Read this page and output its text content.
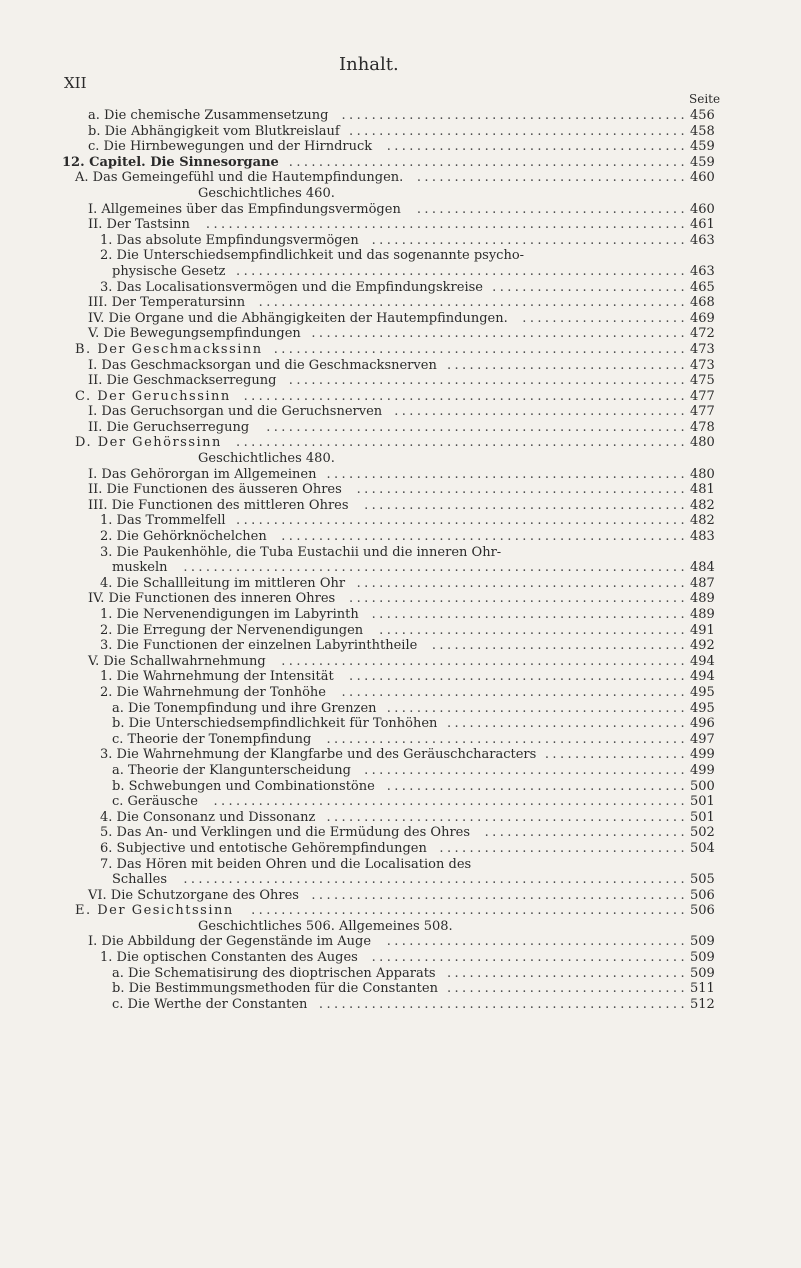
XII
Inhalt.
Seite
a. Die chemische Zusammensetzung .............................................. 456
b. Die Abhängigkeit vom Blutkreislauf ............................................. 458
c. Die Hirnbewegungen und der Hirndruck ........................................ 459
12. Capitel. Die Sinnesorgane ..................................................... 459
A. Das Gemeingefühl und die Hautempfindungen. .................................... 460
Geschichtliches 460.
I. Allgemeines über das Empfindungsvermögen .................................... 460
II. Der Tastsinn ................................................................ 461
1. Das absolute Empfindungsvermögen .......................................... 463
2. Die Unterschiedsempfindlichkeit und das sogenannte psycho-
physische Gesetz ............................................................ 463
3. Das Localisationsvermögen und die Empfindungskreise .......................... 465
III. Der Temperatursinn ......................................................... 468
IV. Die Organe und die Abhängigkeiten der Hautempfindungen. ...................... 469
V. Die Bewegungsempfindungen .................................................. 472
B. Der Geschmackssinn ....................................................... 473
I. Das Geschmacksorgan und die Geschmacksnerven ................................ 473
II. Die Geschmackserregung ..................................................... 475
C. Der Geruchssinn ........................................................... 477
I. Das Geruchsorgan und die Geruchsnerven ....................................... 477
II. Die Geruchserregung ........................................................ 478
D. Der Gehörssinn ............................................................ 480
Geschichtliches 480.
I. Das Gehörorgan im Allgemeinen ................................................ 480
II. Die Functionen des äusseren Ohres ............................................ 481
III. Die Functionen des mittleren Ohres ........................................... 482
1. Das Trommelfell ............................................................ 482
2. Die Gehörknöchelchen ...................................................... 483
3. Die Paukenhöhle, die Tuba Eustachii und die inneren Ohr-
muskeln ................................................................... 484
4. Die Schallleitung im mittleren Ohr ............................................ 487
IV. Die Functionen des inneren Ohres ............................................. 489
1. Die Nervenendigungen im Labyrinth .......................................... 489
2. Die Erregung der Nervenendigungen ......................................... 491
3. Die Functionen der einzelnen Labyrinththeile .................................. 492
V. Die Schallwahrnehmung ...................................................... 494
1. Die Wahrnehmung der Intensität ............................................. 494
2. Die Wahrnehmung der Tonhöhe .............................................. 495
a. Die Tonempfindung und ihre Grenzen ........................................ 495
b. Die Unterschiedsempfindlichkeit für Tonhöhen ................................ 496
c. Theorie der Tonempfindung ................................................ 497
3. Die Wahrnehmung der Klangfarbe und des Geräuschcharacters ................... 499
a. Theorie der Klangunterscheidung ........................................... 499
b. Schwebungen und Combinationstöne ........................................ 500
c. Geräusche ............................................................... 501
4. Die Consonanz und Dissonanz ................................................ 501
5. Das An- und Verklingen und die Ermüdung des Ohres ........................... 502
6. Subjective und entotische Gehörempfindungen ................................. 504
7. Das Hören mit beiden Ohren und die Localisation des
Schalles ................................................................... 505
VI. Die Schutzorgane des Ohres .................................................. 506
E. Der Gesichtssinn .......................................................... 506
Geschichtliches 506. Allgemeines 508.
I. Die Abbildung der Gegenstände im Auge ........................................ 509
1. Die optischen Constanten des Auges .......................................... 509
a. Die Schematisirung des dioptrischen Apparats ................................ 509
b. Die Bestimmungsmethoden für die Constanten ................................ 511
c. Die Werthe der Constanten ................................................. 512
